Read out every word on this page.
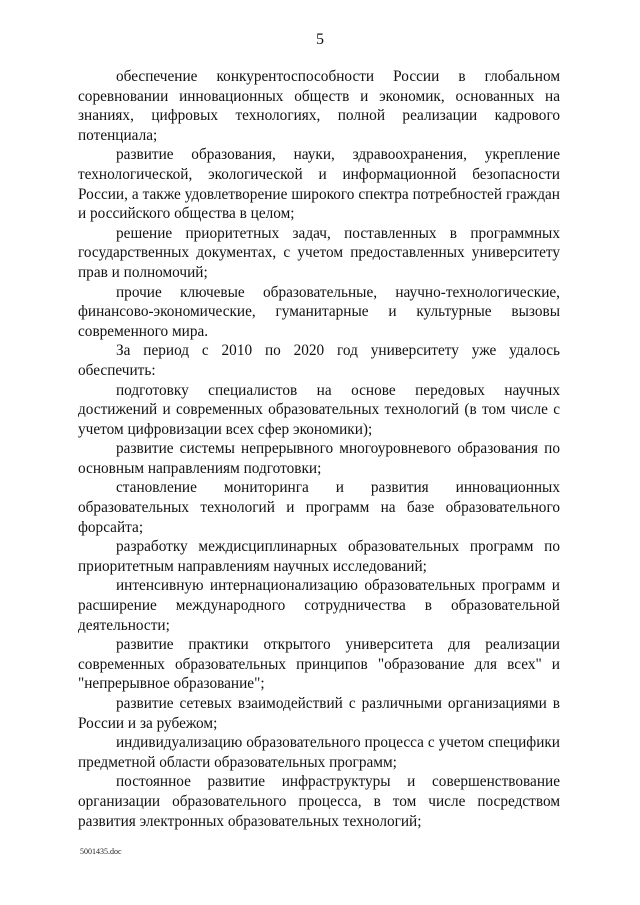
5

обеспечение конкурентоспособности России в глобальном соревновании инновационных обществ и экономик, основанных на знаниях, цифровых технологиях, полной реализации кадрового потенциала;

развитие образования, науки, здравоохранения, укрепление технологической, экологической и информационной безопасности России, а также удовлетворение широкого спектра потребностей граждан и российского общества в целом;

решение приоритетных задач, поставленных в программных государственных документах, с учетом предоставленных университету прав и полномочий;

прочие ключевые образовательные, научно-технологические, финансово-экономические, гуманитарные и культурные вызовы современного мира.

За период с 2010 по 2020 год университету уже удалось обеспечить:

подготовку специалистов на основе передовых научных достижений и современных образовательных технологий (в том числе с учетом цифровизации всех сфер экономики);

развитие системы непрерывного многоуровневого образования по основным направлениям подготовки;

становление мониторинга и развития инновационных образовательных технологий и программ на базе образовательного форсайта;

разработку междисциплинарных образовательных программ по приоритетным направлениям научных исследований;

интенсивную интернационализацию образовательных программ и расширение международного сотрудничества в образовательной деятельности;

развитие практики открытого университета для реализации современных образовательных принципов "образование для всех" и "непрерывное образование";

развитие сетевых взаимодействий с различными организациями в России и за рубежом;

индивидуализацию образовательного процесса с учетом специфики предметной области образовательных программ;

постоянное развитие инфраструктуры и совершенствование организации образовательного процесса, в том числе посредством развития электронных образовательных технологий;

5001435.doc
